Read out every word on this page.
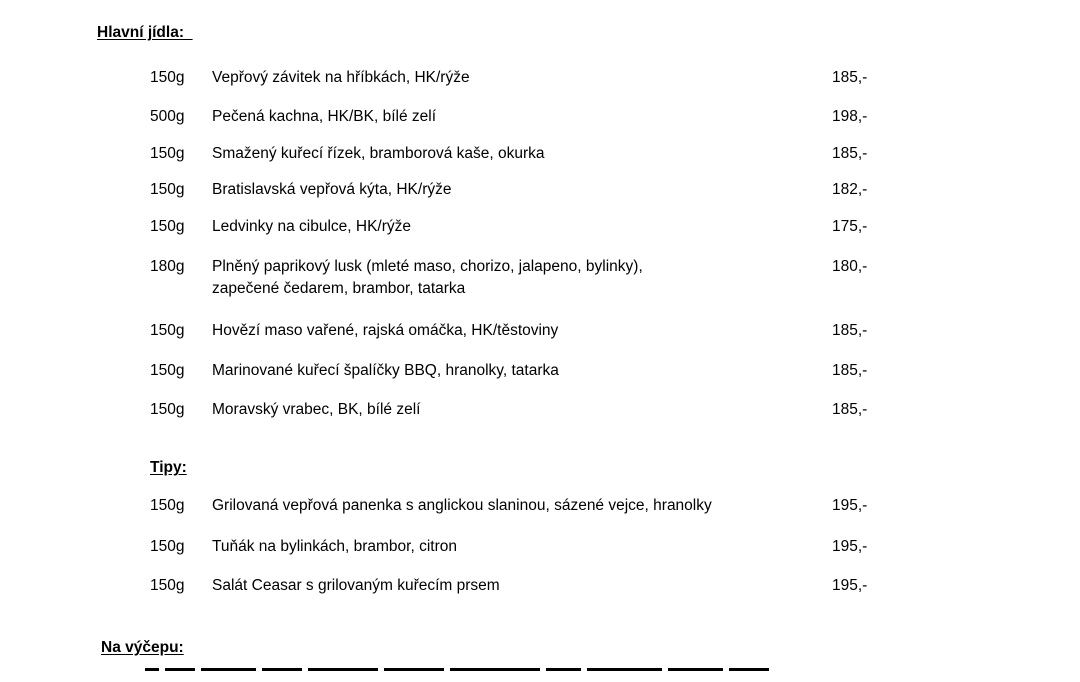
Hlavní jídla:
150g Vepřový závitek na hříbkách, HK/rýže	185,-
500g Pečená kachna, HK/BK, bílé zelí	198,-
150g Smažený kuřecí řízek, bramborová kaše, okurka	185,-
150g Bratislavská vepřová kýta, HK/rýže	182,-
150g Ledvinky na cibulce, HK/rýže	175,-
180g Plněný paprikový lusk (mleté maso, chorizo, jalapeno, bylinky),	180,-
zapečené čedarem, brambor, tatarka
150g Hovězí maso vařené, rajská omáčka, HK/těstoviny	185,-
150g Marinované kuřecí špalíčky BBQ, hranolky, tatarka	185,-
150g Moravský vrabec, BK, bílé zelí	185,-
Tipy:
150g Grilovaná vepřová panenka s anglickou slaninou, sázené vejce, hranolky	195,-
150g Tuňák na bylinkách, brambor, citron	195,-
150g Salát Ceasar s grilovaným kuřecím prsem	195,-
Na výčepu:
